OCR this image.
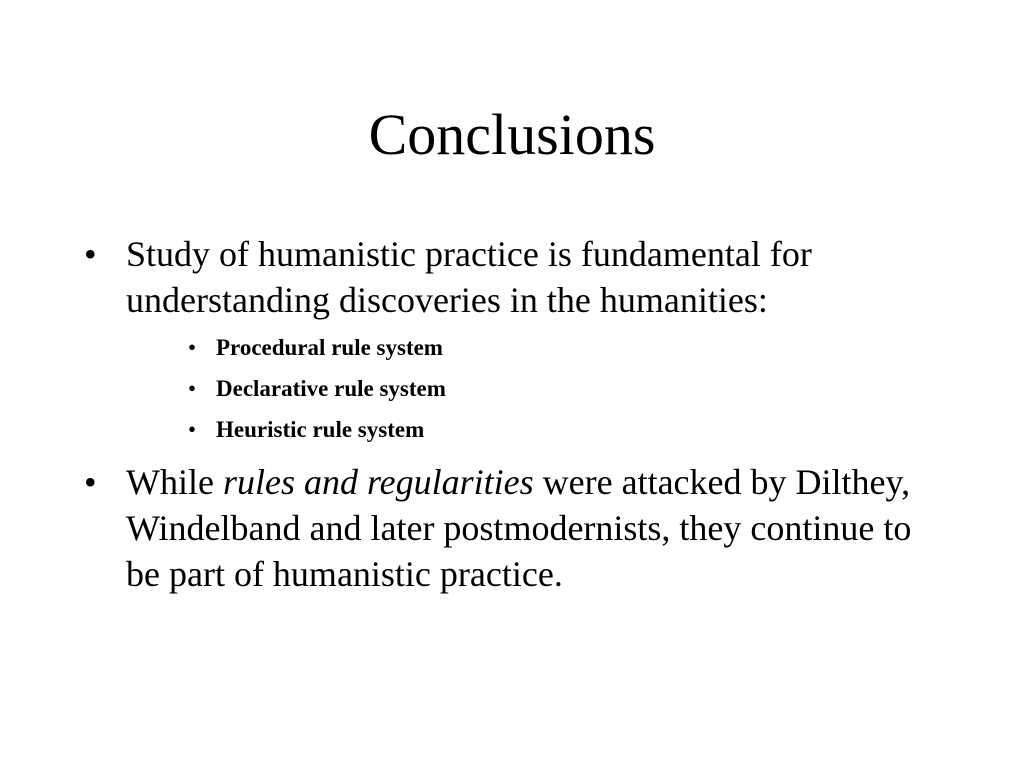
Conclusions
• Study of humanistic practice is fundamental for understanding discoveries in the humanities:
• Procedural rule system
• Declarative rule system
• Heuristic rule system
• While rules and regularities were attacked by Dilthey, Windelband and later postmodernists, they continue to be part of humanistic practice.
